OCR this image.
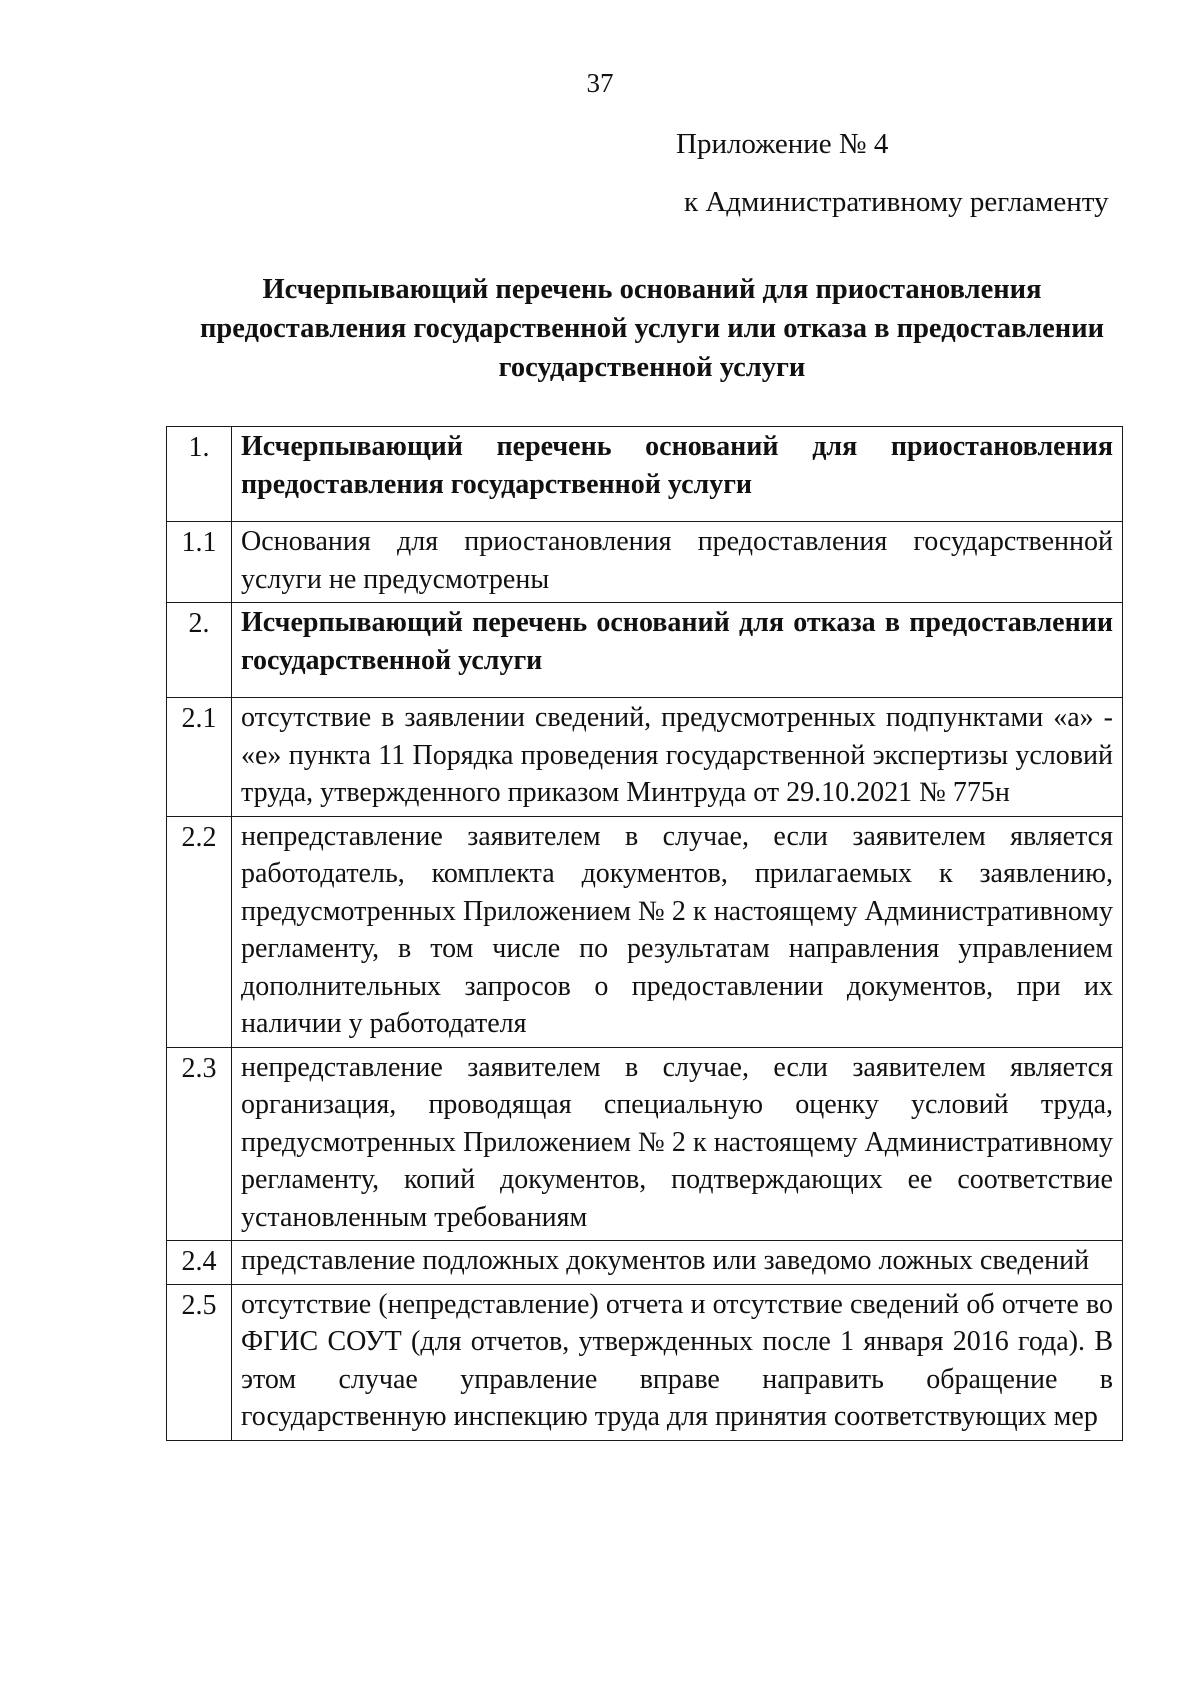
37
Приложение № 4
к Административному регламенту
Исчерпывающий перечень оснований для приостановления
предоставления государственной услуги или отказа в предоставлении
государственной услуги
1.	Исчерпывающий перечень оснований для приостановления предоставления государственной услуги
1.1	Основания для приостановления предоставления государственной услуги не предусмотрены
2.	Исчерпывающий перечень оснований для отказа в предоставлении государственной услуги
2.1	отсутствие в заявлении сведений, предусмотренных подпунктами «а» - «е» пункта 11 Порядка проведения государственной экспертизы условий труда, утвержденного приказом Минтруда от 29.10.2021 № 775н
2.2	непредставление заявителем в случае, если заявителем является работодатель, комплекта документов, прилагаемых к заявлению, предусмотренных Приложением № 2 к настоящему Административному регламенту, в том числе по результатам направления управлением дополнительных запросов о предоставлении документов, при их наличии у работодателя
2.3	непредставление заявителем в случае, если заявителем является организация, проводящая специальную оценку условий труда, предусмотренных Приложением № 2 к настоящему Административному регламенту, копий документов, подтверждающих ее соответствие установленным требованиям
2.4	представление подложных документов или заведомо ложных сведений
2.5	отсутствие (непредставление) отчета и отсутствие сведений об отчете во ФГИС СОУТ (для отчетов, утвержденных после 1 января 2016 года). В этом случае управление вправе направить обращение в государственную инспекцию труда для принятия соответствующих мер
